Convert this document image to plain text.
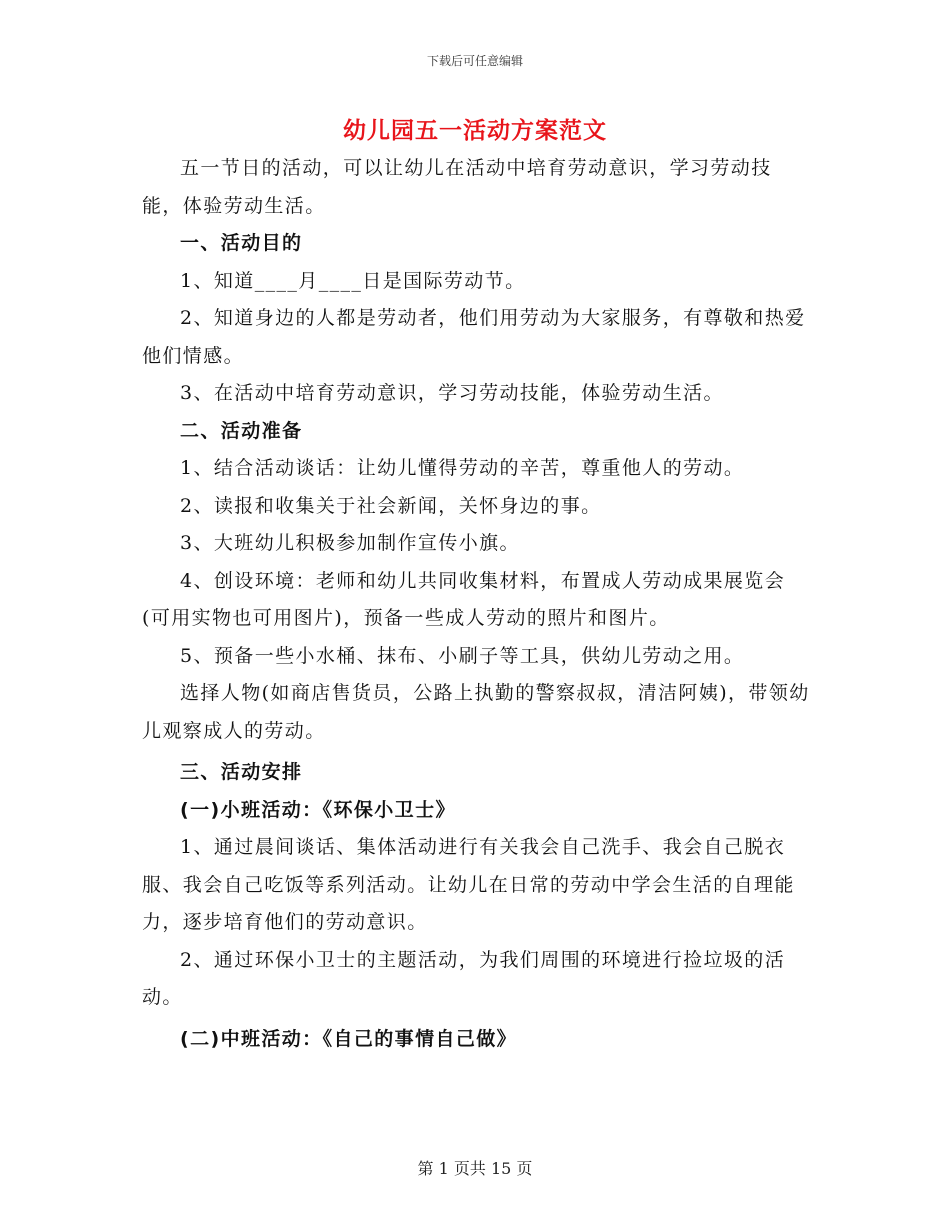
下载后可任意编辑
幼儿园五一活动方案范文

五一节日的活动，可以让幼儿在活动中培育劳动意识，学习劳动技能，体验劳动生活。

一、活动目的

1、知道____月____日是国际劳动节。

2、知道身边的人都是劳动者，他们用劳动为大家服务，有尊敬和热爱他们情感。

3、在活动中培育劳动意识，学习劳动技能，体验劳动生活。

二、活动准备

1、结合活动谈话：让幼儿懂得劳动的辛苦，尊重他人的劳动。

2、读报和收集关于社会新闻，关怀身边的事。

3、大班幼儿积极参加制作宣传小旗。

4、创设环境：老师和幼儿共同收集材料，布置成人劳动成果展览会(可用实物也可用图片)，预备一些成人劳动的照片和图片。

5、预备一些小水桶、抹布、小刷子等工具，供幼儿劳动之用。

选择人物(如商店售货员，公路上执勤的警察叔叔，清洁阿姨)，带领幼儿观察成人的劳动。

三、活动安排

(一)小班活动：《环保小卫士》

1、通过晨间谈话、集体活动进行有关我会自己洗手、我会自己脱衣服、我会自己吃饭等系列活动。让幼儿在日常的劳动中学会生活的自理能力，逐步培育他们的劳动意识。

2、通过环保小卫士的主题活动，为我们周围的环境进行捡垃圾的活动。

(二)中班活动：《自己的事情自己做》

第 1 页共 15 页
